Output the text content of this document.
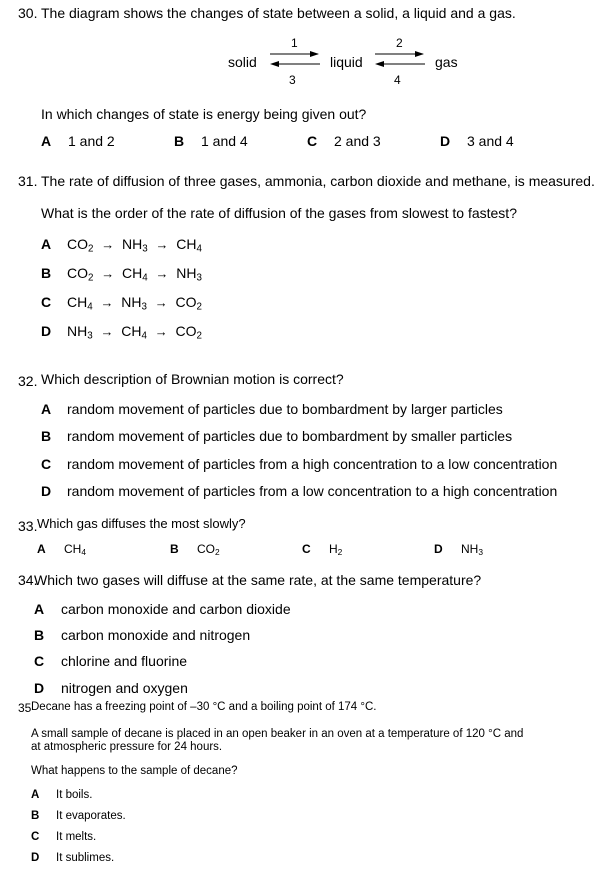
30. The diagram shows the changes of state between a solid, a liquid and a gas.
solid	liquid	gas
1
3
2
4
In which changes of state is energy being given out?
A 1 and 2	B 1 and 4	C 2 and 3	D 3 and 4
31. The rate of diffusion of three gases, ammonia, carbon dioxide and methane, is measured.
What is the order of the rate of diffusion of the gases from slowest to fastest?
A $CO_2 \to NH_3 \to CH_4$
B $CO_2 \to CH_4 \to NH_3$
C $CH_4 \to NH_3 \to CO_2$
D $NH_3 \to CH_4 \to CO_2$
32. Which description of Brownian motion is correct?
A random movement of particles due to bombardment by larger particles
B random movement of particles due to bombardment by smaller particles
C random movement of particles from a high concentration to a low concentration
D random movement of particles from a low concentration to a high concentration
33. Which gas diffuses the most slowly?
A $CH_4$	B $CO_2$	C $H_2$	D $NH_3$
34.
Which two gases will diffuse at the same rate, at the same temperature?
A carbon monoxide and carbon dioxide
B carbon monoxide and nitrogen
C chlorine and fluorine
D nitrogen and oxygen
35 Decane has a freezing point of –30 °C and a boiling point of 174 °C.
A small sample of decane is placed in an open beaker in an oven at a temperature of 120 °C and
at atmospheric pressure for 24 hours.
What happens to the sample of decane?
A It boils.
B It evaporates.
C It melts.
D It sublimes.
